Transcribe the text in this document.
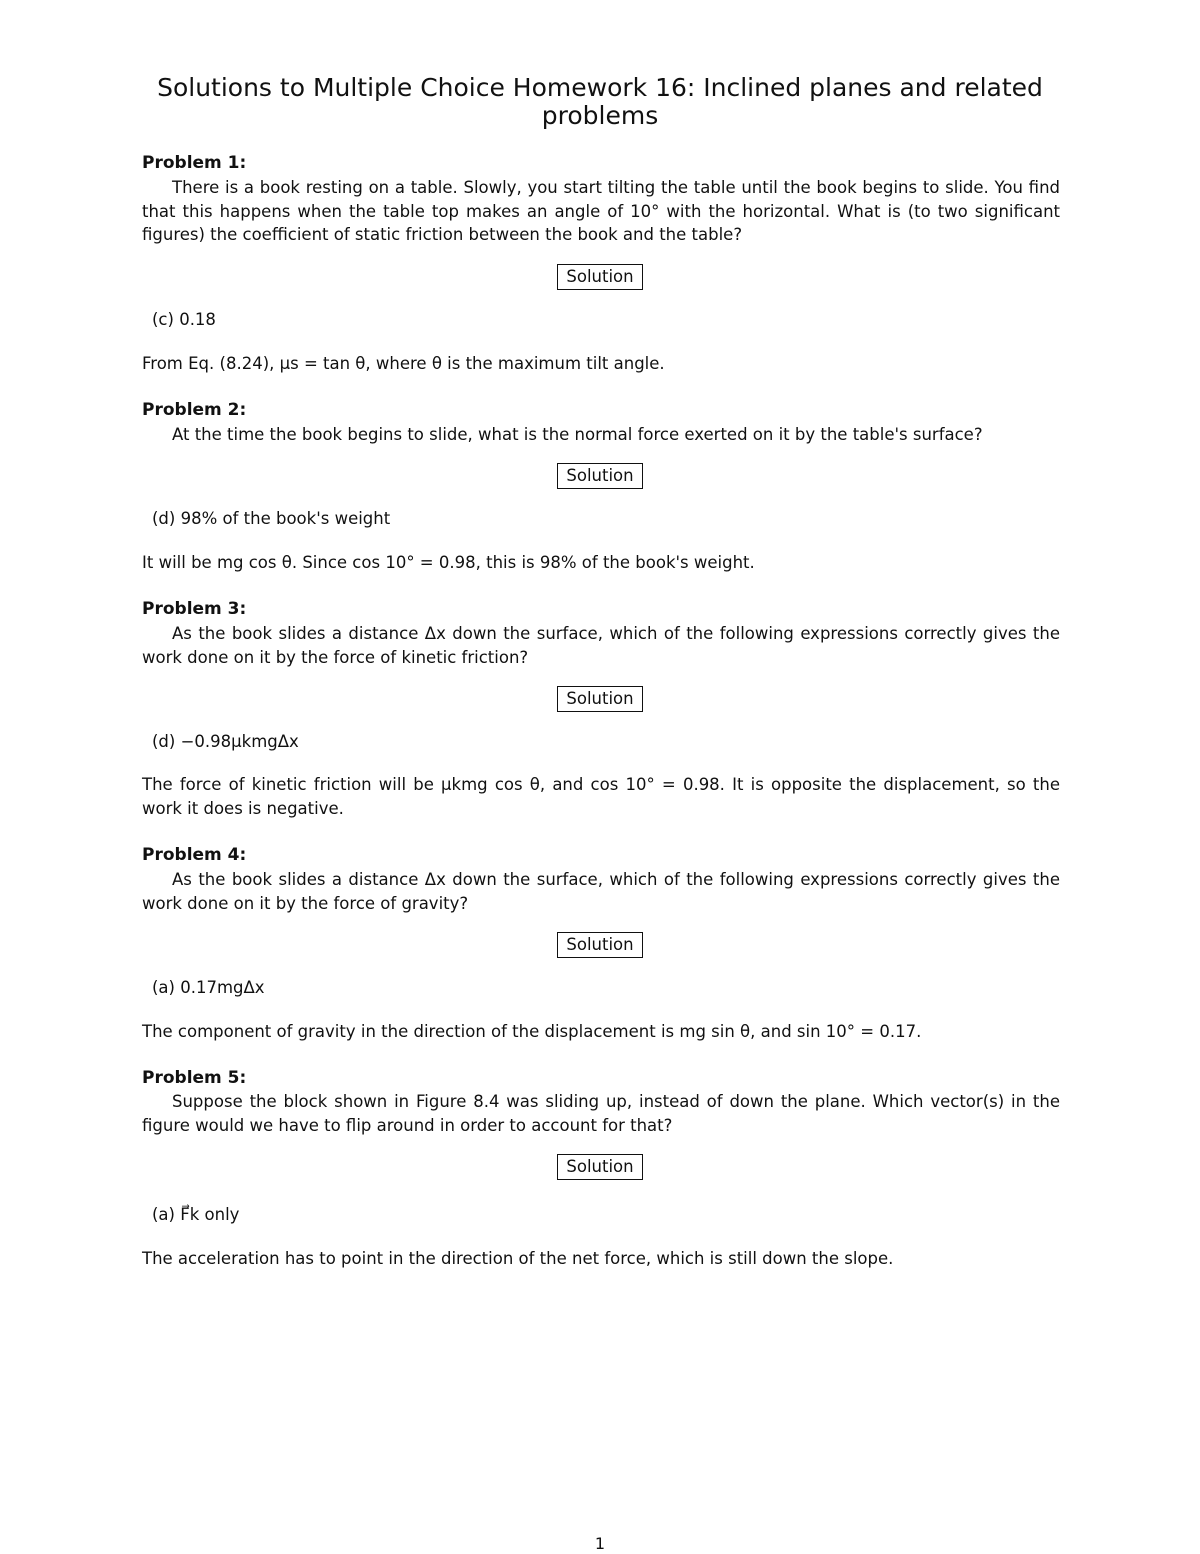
Solutions to Multiple Choice Homework 16: Inclined planes and related problems
Problem 1:

There is a book resting on a table. Slowly, you start tilting the table until the book begins to slide. You find that this happens when the table top makes an angle of 10° with the horizontal. What is (to two significant figures) the coefficient of static friction between the book and the table?

Solution
(c) 0.18

From Eq. (8.24), μs = tan θ, where θ is the maximum tilt angle.

Problem 2:

At the time the book begins to slide, what is the normal force exerted on it by the table's surface?

Solution
(d) 98% of the book's weight

It will be mg cos θ. Since cos 10° = 0.98, this is 98% of the book's weight.

Problem 3:

As the book slides a distance Δx down the surface, which of the following expressions correctly gives the work done on it by the force of kinetic friction?

Solution
(d) −0.98μkmgΔx

The force of kinetic friction will be μkmg cos θ, and cos 10° = 0.98. It is opposite the displacement, so the work it does is negative.

Problem 4:

As the book slides a distance Δx down the surface, which of the following expressions correctly gives the work done on it by the force of gravity?

Solution
(a) 0.17mgΔx

The component of gravity in the direction of the displacement is mg sin θ, and sin 10° = 0.17.

Problem 5:

Suppose the block shown in Figure 8.4 was sliding up, instead of down the plane. Which vector(s) in the figure would we have to flip around in order to account for that?

Solution
(a) F⃗k only

The acceleration has to point in the direction of the net force, which is still down the slope.

1
